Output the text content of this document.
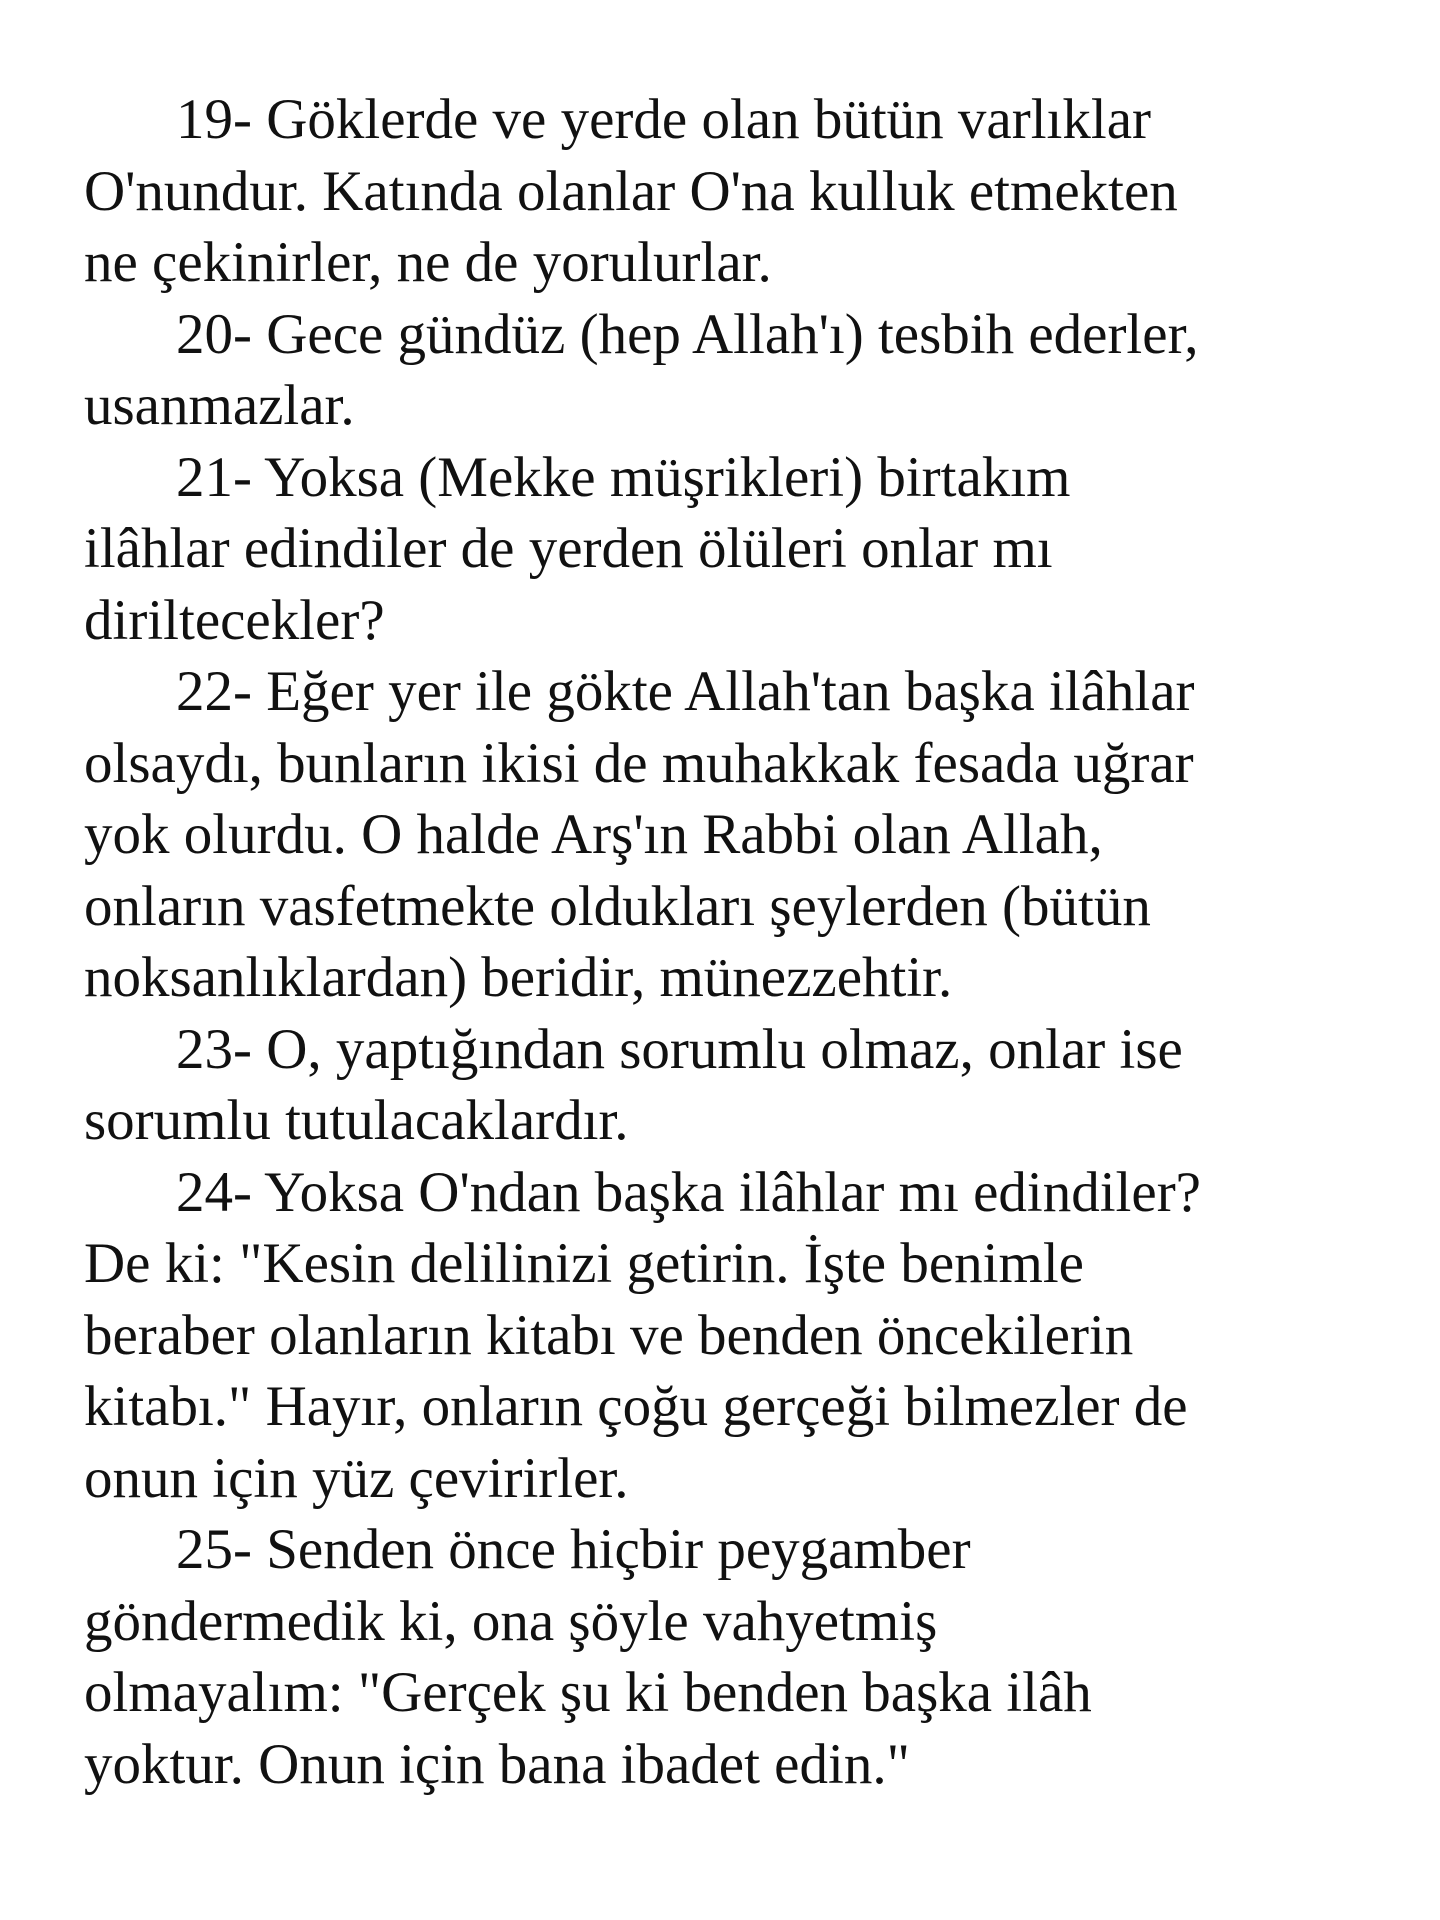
19- Göklerde ve yerde olan bütün varlıklar
O'nundur. Katında olanlar O'na kulluk etmekten
ne çekinirler, ne de yorulurlar.

20- Gece gündüz (hep Allah'ı) tesbih ederler,
usanmazlar.

21- Yoksa (Mekke müşrikleri) birtakım
ilâhlar edindiler de yerden ölüleri onlar mı
diriltecekler?

22- Eğer yer ile gökte Allah'tan başka ilâhlar
olsaydı, bunların ikisi de muhakkak fesada uğrar
yok olurdu. O halde Arş'ın Rabbi olan Allah,
onların vasfetmekte oldukları şeylerden (bütün
noksanlıklardan) beridir, münezzehtir.

23- O, yaptığından sorumlu olmaz, onlar ise
sorumlu tutulacaklardır.

24- Yoksa O'ndan başka ilâhlar mı edindiler?
De ki: "Kesin delilinizi getirin. İşte benimle
beraber olanların kitabı ve benden öncekilerin
kitabı." Hayır, onların çoğu gerçeği bilmezler de
onun için yüz çevirirler.

25- Senden önce hiçbir peygamber
göndermedik ki, ona şöyle vahyetmiş
olmayalım: "Gerçek şu ki benden başka ilâh
yoktur. Onun için bana ibadet edin."
